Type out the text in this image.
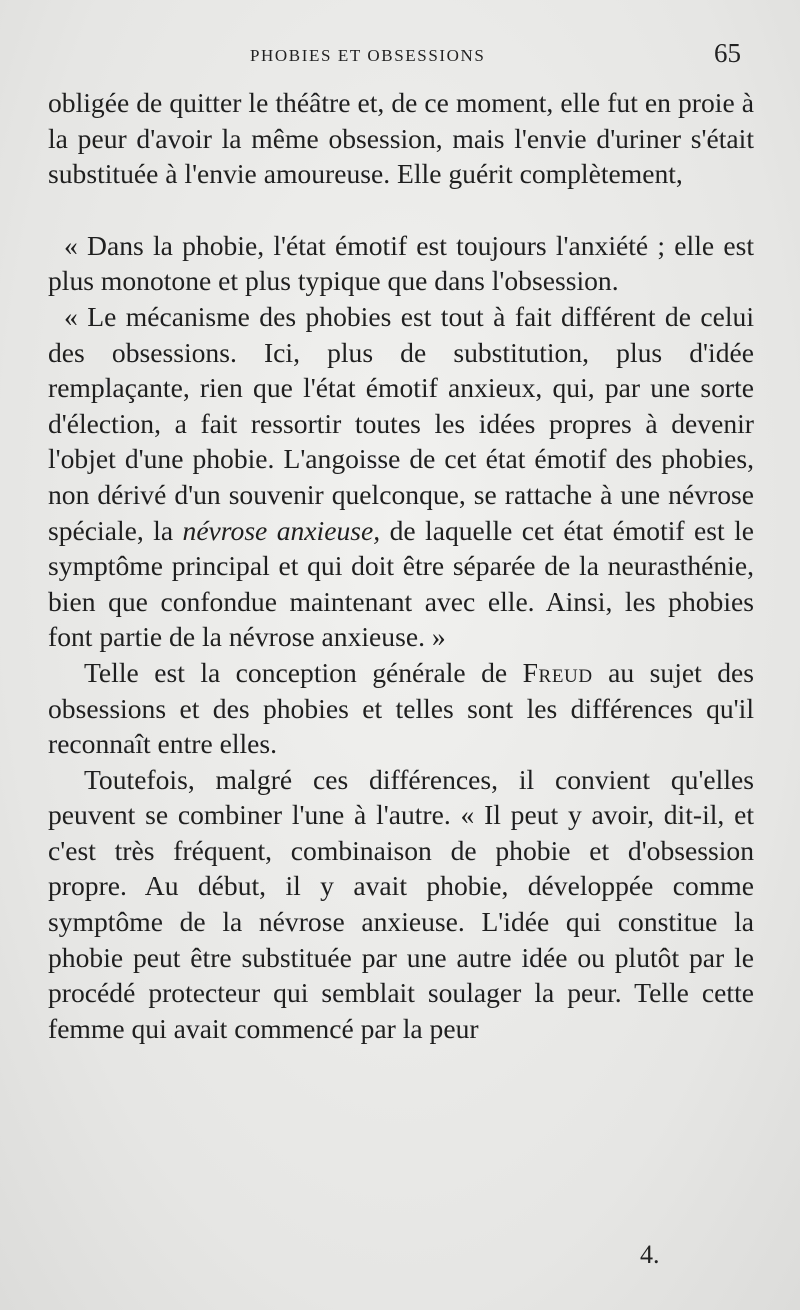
PHOBIES ET OBSESSIONS	65

obligée de quitter le théâtre et, de ce moment, elle fut en proie à la peur d'avoir la même obsession, mais l'envie d'uriner s'était substituée à l'envie amoureuse. Elle guérit complètement,

« Dans la phobie, l'état émotif est toujours l'anxiété ; elle est plus monotone et plus typique que dans l'obsession.

« Le mécanisme des phobies est tout à fait différent de celui des obsessions. Ici, plus de substitution, plus d'idée remplaçante, rien que l'état émotif anxieux, qui, par une sorte d'élection, a fait ressortir toutes les idées propres à devenir l'objet d'une phobie. L'angoisse de cet état émotif des phobies, non dérivé d'un souvenir quelconque, se rattache à une névrose spéciale, la névrose anxieuse, de laquelle cet état émotif est le symptôme principal et qui doit être séparée de la neurasthénie, bien que confondue maintenant avec elle. Ainsi, les phobies font partie de la névrose anxieuse. »

Telle est la conception générale de Freud au sujet des obsessions et des phobies et telles sont les différences qu'il reconnaît entre elles.

Toutefois, malgré ces différences, il convient qu'elles peuvent se combiner l'une à l'autre. « Il peut y avoir, dit-il, et c'est très fréquent, combinaison de phobie et d'obsession propre. Au début, il y avait phobie, développée comme symptôme de la névrose anxieuse. L'idée qui constitue la phobie peut être substituée par une autre idée ou plutôt par le procédé protecteur qui semblait soulager la peur. Telle cette femme qui avait commencé par la peur

4.
